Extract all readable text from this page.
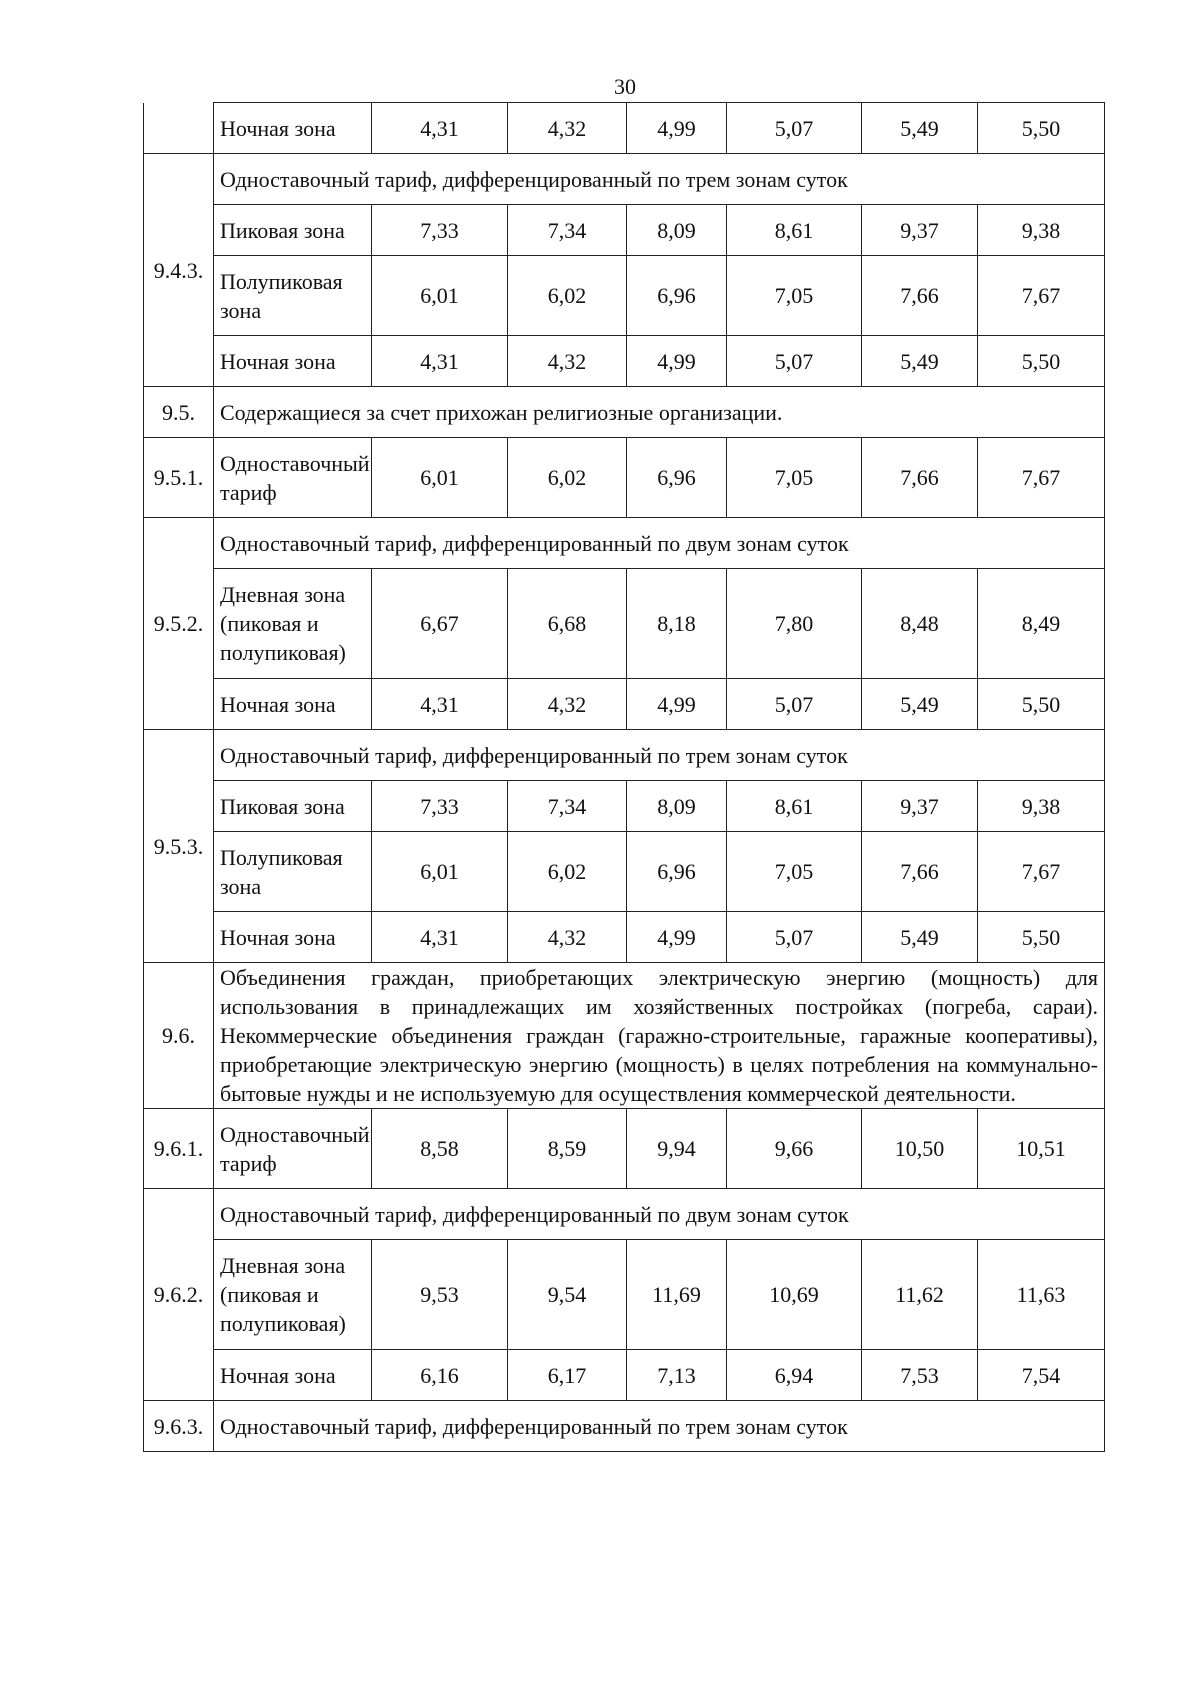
30
	Ночная зона	4,31	4,32	4,99	5,07	5,49	5,50
9.4.3.	Одноставочный тариф, дифференцированный по трем зонам суток						
	Пиковая зона	7,33	7,34	8,09	8,61	9,37	9,38
	Полупиковая зона	6,01	6,02	6,96	7,05	7,66	7,67
	Ночная зона	4,31	4,32	4,99	5,07	5,49	5,50
9.5.	Содержащиеся за счет прихожан религиозные организации.						
9.5.1.	Одноставочный тариф	6,01	6,02	6,96	7,05	7,66	7,67
9.5.2.	Одноставочный тариф, дифференцированный по двум зонам суток						
	Дневная зона (пиковая и полупиковая)	6,67	6,68	8,18	7,80	8,48	8,49
	Ночная зона	4,31	4,32	4,99	5,07	5,49	5,50
9.5.3.	Одноставочный тариф, дифференцированный по трем зонам суток						
	Пиковая зона	7,33	7,34	8,09	8,61	9,37	9,38
	Полупиковая зона	6,01	6,02	6,96	7,05	7,66	7,67
	Ночная зона	4,31	4,32	4,99	5,07	5,49	5,50
9.6.	Объединения граждан, приобретающих электрическую энергию (мощность) для использования в принадлежащих им хозяйственных постройках (погреба, сараи). Некоммерческие объединения граждан (гаражно-строительные, гаражные кооперативы), приобретающие электрическую энергию (мощность) в целях потребления на коммунально-бытовые нужды и не используемую для осуществления коммерческой деятельности.						
9.6.1.	Одноставочный тариф	8,58	8,59	9,94	9,66	10,50	10,51
9.6.2.	Одноставочный тариф, дифференцированный по двум зонам суток						
	Дневная зона (пиковая и полупиковая)	9,53	9,54	11,69	10,69	11,62	11,63
	Ночная зона	6,16	6,17	7,13	6,94	7,53	7,54
9.6.3.	Одноставочный тариф, дифференцированный по трем зонам суток						
